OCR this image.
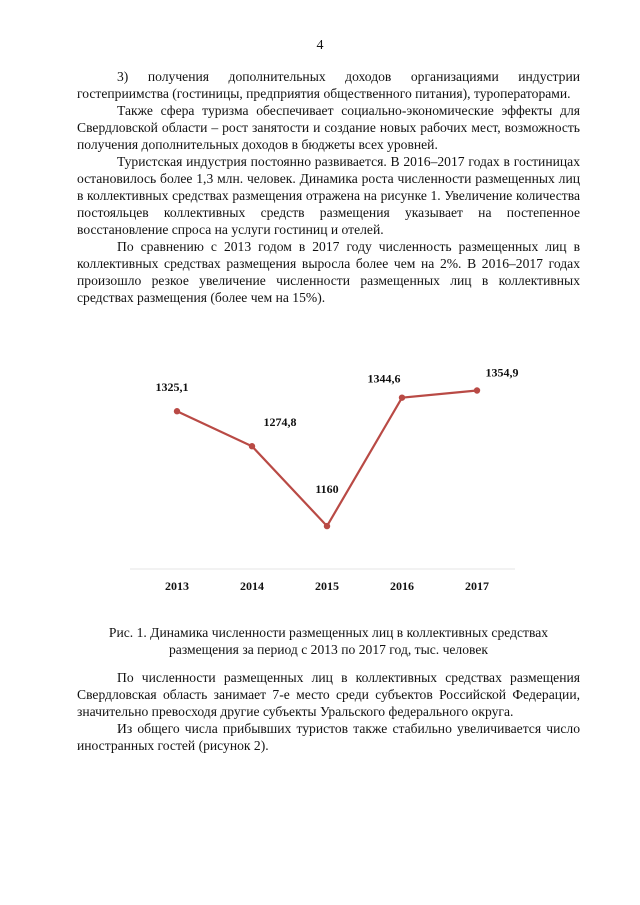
4

3) получения дополнительных доходов организациями индустрии гостеприимства (гостиницы, предприятия общественного питания), туроператорами.

Также сфера туризма обеспечивает социально-экономические эффекты для Свердловской области – рост занятости и создание новых рабочих мест, возможность получения дополнительных доходов в бюджеты всех уровней.

Туристская индустрия постоянно развивается. В 2016–2017 годах в гостиницах остановилось более 1,3 млн. человек. Динамика роста численности размещенных лиц в коллективных средствах размещения отражена на рисунке 1. Увеличение количества постояльцев коллективных средств размещения указывает на постепенное восстановление спроса на услуги гостиниц и отелей.

По сравнению с 2013 годом в 2017 году численность размещенных лиц в коллективных средствах размещения выросла более чем на 2%. В 2016–2017 годах произошло резкое увеличение численности размещенных лиц в коллективных средствах размещения (более чем на 15%).

1325,1
2013
1274,8
2014
1160
2015
1344,6
2016
1354,9
2017
Рис. 1. Динамика численности размещенных лиц в коллективных средствах размещения за период с 2013 по 2017 год, тыс. человек

По численности размещенных лиц в коллективных средствах размещения Свердловская область занимает 7-е место среди субъектов Российской Федерации, значительно превосходя другие субъекты Уральского федерального округа.

Из общего числа прибывших туристов также стабильно увеличивается число иностранных гостей (рисунок 2).
